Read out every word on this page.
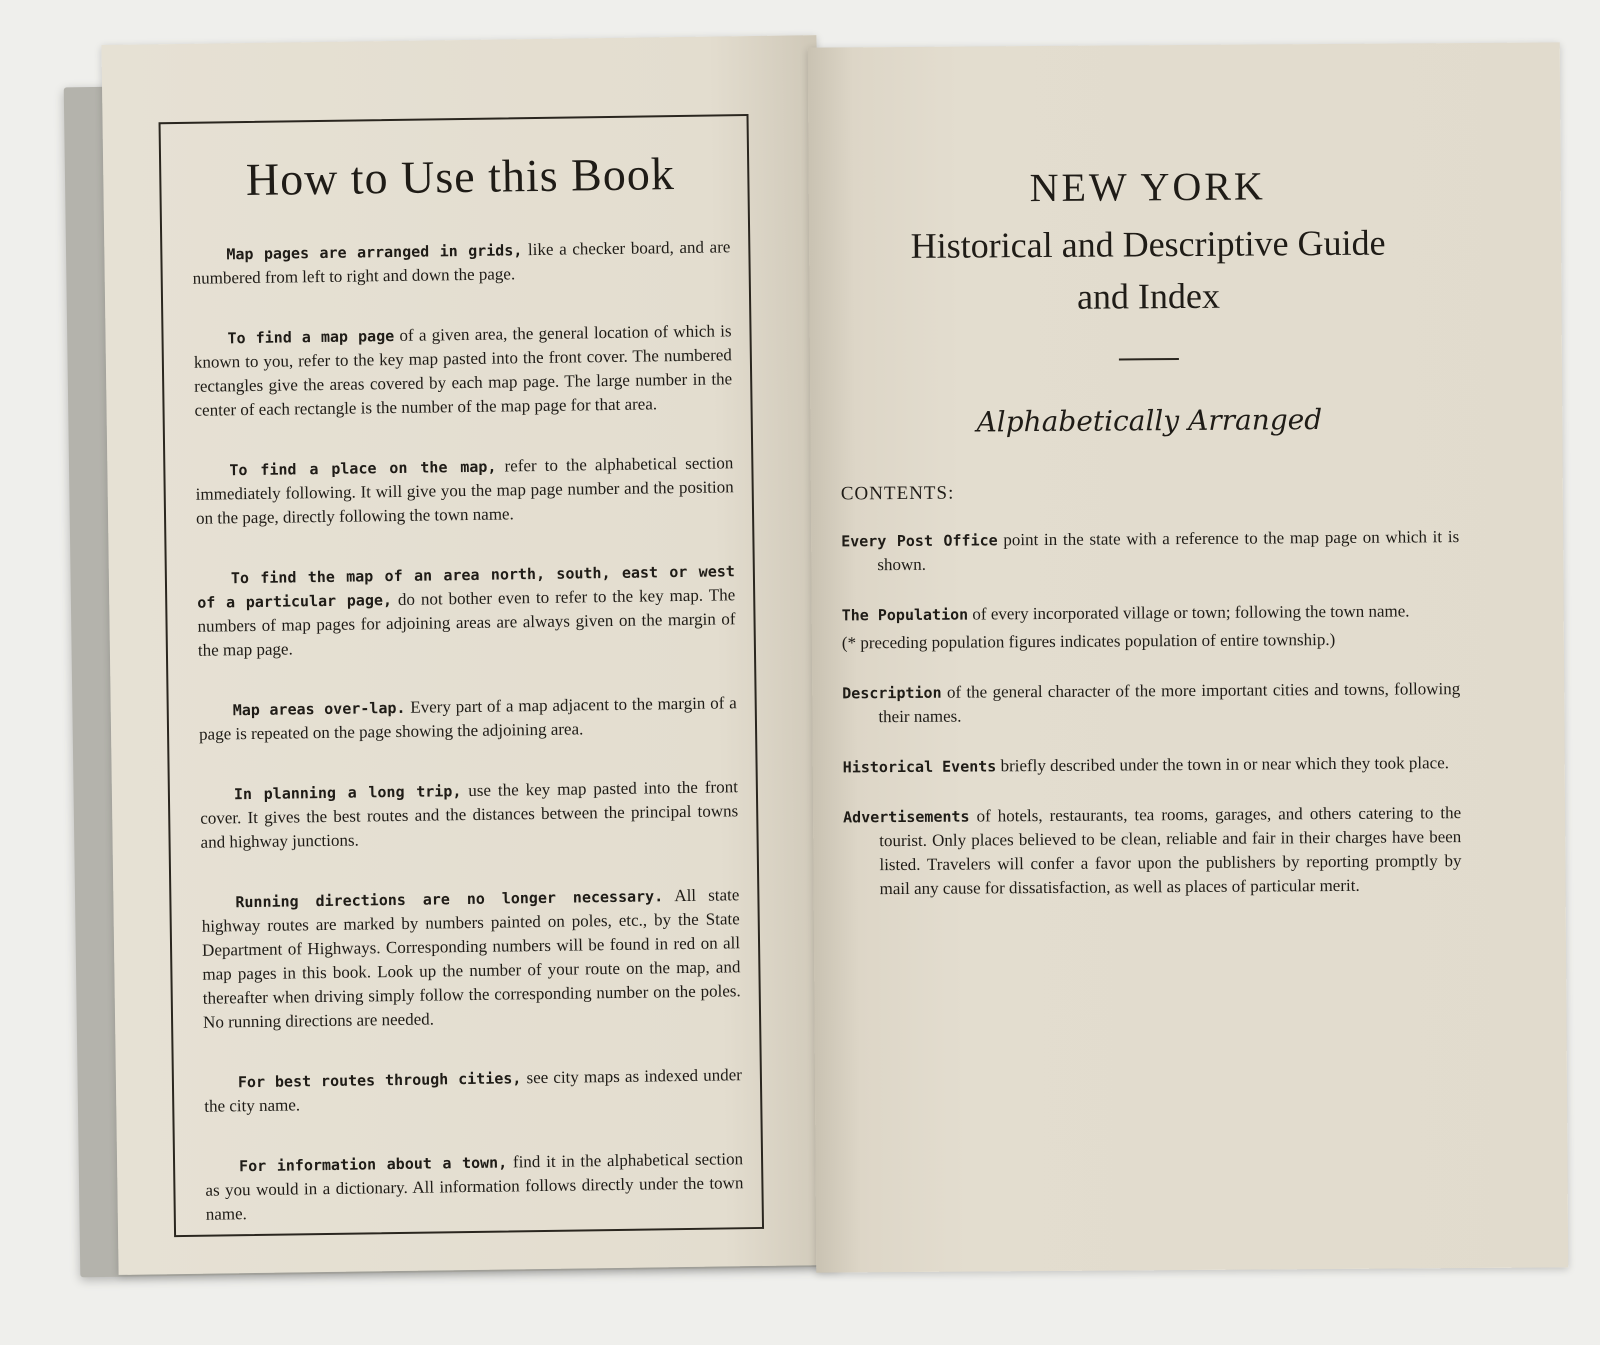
How to Use this Book

Map pages are arranged in grids, like a checker board, and are numbered from left to right and down the page.

To find a map page of a given area, the general location of which is known to you, refer to the key map pasted into the front cover. The numbered rectangles give the areas covered by each map page. The large number in the center of each rectangle is the number of the map page for that area.

To find a place on the map, refer to the alphabetical section immediately following. It will give you the map page number and the position on the page, directly following the town name.

To find the map of an area north, south, east or west of a particular page, do not bother even to refer to the key map. The numbers of map pages for adjoining areas are always given on the margin of the map page.

Map areas over-lap. Every part of a map adjacent to the margin of a page is repeated on the page showing the adjoining area.

In planning a long trip, use the key map pasted into the front cover. It gives the best routes and the distances between the principal towns and highway junctions.

Running directions are no longer necessary. All state highway routes are marked by numbers painted on poles, etc., by the State Department of Highways. Corresponding numbers will be found in red on all map pages in this book. Look up the number of your route on the map, and thereafter when driving simply follow the corresponding number on the poles. No running directions are needed.

For best routes through cities, see city maps as indexed under the city name.

For information about a town, find it in the alphabetical section as you would in a dictionary. All information follows directly under the town name.

NEW YORK

Historical and Descriptive Guide

and Index

Alphabetically Arranged

CONTENTS:

Every Post Office point in the state with a reference to the map page on which it is shown.

The Population of every incorporated village or town; following the town name.

(* preceding population figures indicates population of entire township.)

Description of the general character of the more important cities and towns, following their names.

Historical Events briefly described under the town in or near which they took place.

Advertisements of hotels, restaurants, tea rooms, garages, and others catering to the tourist. Only places believed to be clean, reliable and fair in their charges have been listed. Travelers will confer a favor upon the publishers by reporting promptly by mail any cause for dissatisfaction, as well as places of particular merit.
